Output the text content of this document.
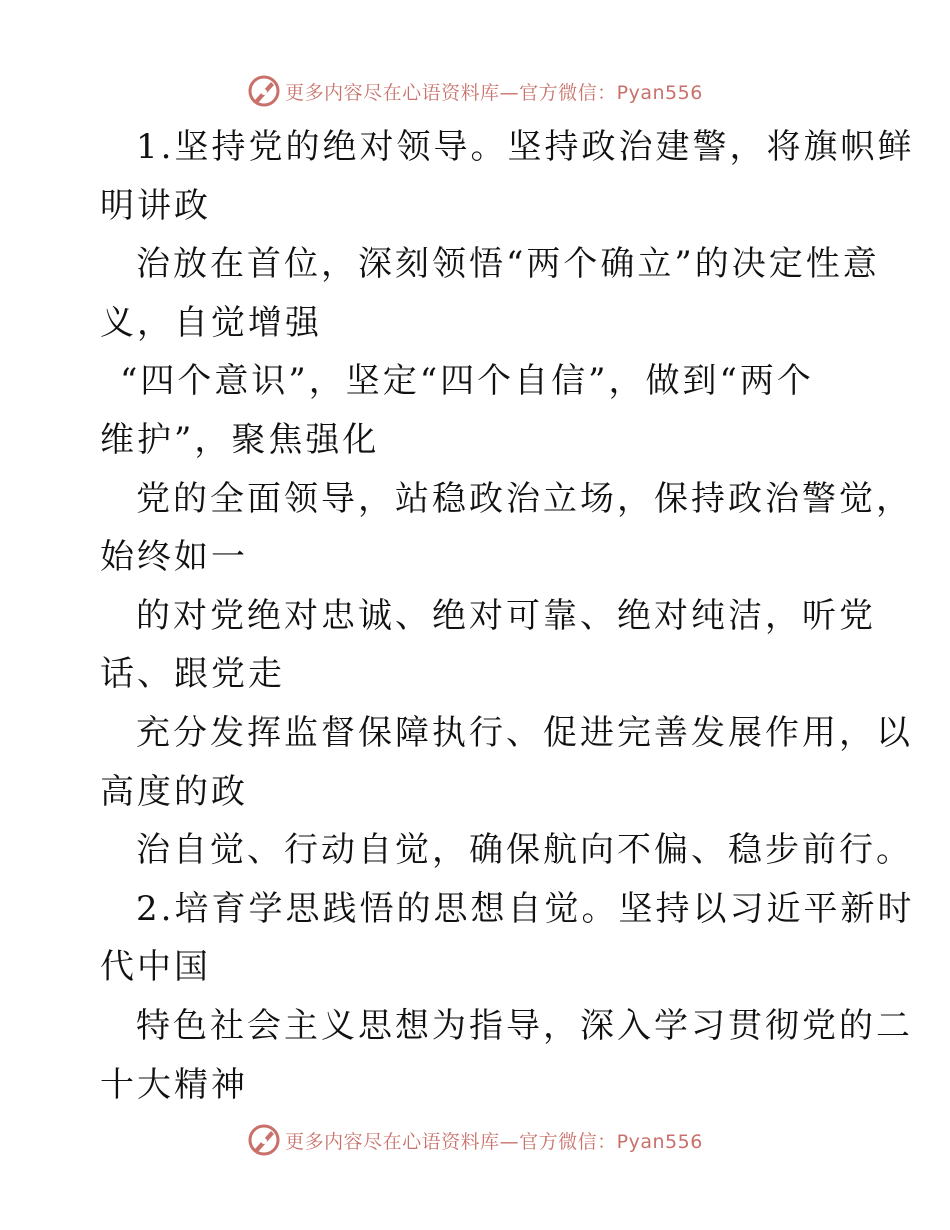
更多内容尽在心语资料库—官方微信：Pyan556
1.坚持党的绝对领导。坚持政治建警，将旗帜鲜
明讲政
治放在首位，深刻领悟“两个确立”的决定性意
义，自觉增强
“四个意识”，坚定“四个自信”，做到“两个
维护”，聚焦强化
党的全面领导，站稳政治立场，保持政治警觉，
始终如一
的对党绝对忠诚、绝对可靠、绝对纯洁，听党
话、跟党走
充分发挥监督保障执行、促进完善发展作用，以
高度的政
治自觉、行动自觉，确保航向不偏、稳步前行。
2.培育学思践悟的思想自觉。坚持以习近平新时
代中国
特色社会主义思想为指导，深入学习贯彻党的二
十大精神
更多内容尽在心语资料库—官方微信：Pyan556
